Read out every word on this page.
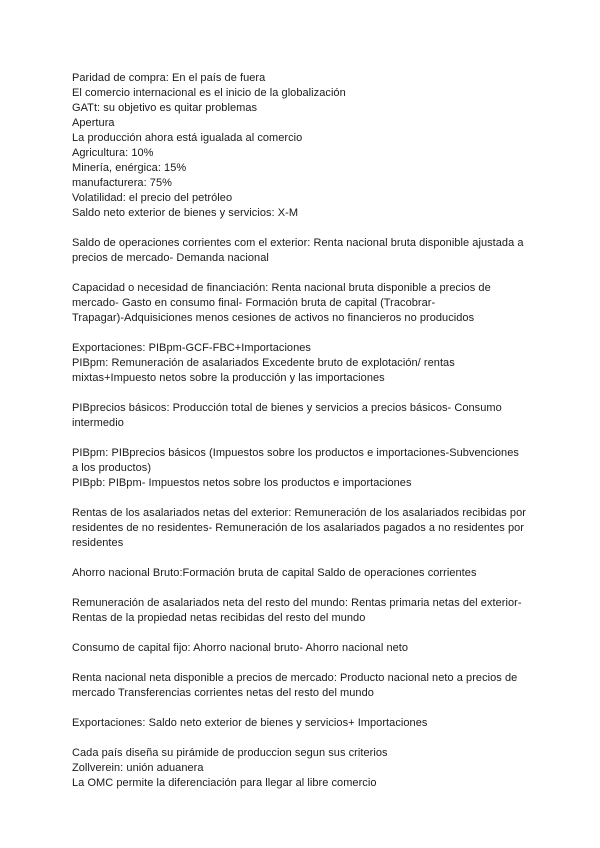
Paridad de compra: En el país de fuera
El comercio internacional es el inicio de la globalización
GATt: su objetivo es quitar problemas
Apertura
La producción ahora está igualada al comercio
Agricultura: 10%
Minería, enérgica: 15%
manufacturera: 75%
Volatilidad: el precio del petróleo
Saldo neto exterior de bienes y servicios: X-M
Saldo de operaciones corrientes com el exterior: Renta nacional bruta disponible ajustada a
precios de mercado- Demanda nacional
Capacidad o necesidad de financiación: Renta nacional bruta disponible a precios de
mercado- Gasto en consumo final- Formación bruta de capital (Tracobrar-
Trapagar)-Adquisiciones menos cesiones de activos no financieros no producidos
Exportaciones: PIBpm-GCF-FBC+Importaciones
PIBpm: Remuneración de asalariados Excedente bruto de explotación/ rentas
mixtas+Impuesto netos sobre la producción y las importaciones
PIBprecios básicos: Producción total de bienes y servicios a precios básicos- Consumo
intermedio
PIBpm: PIBprecios básicos (Impuestos sobre los productos e importaciones-Subvenciones
a los productos)
PIBpb: PIBpm- Impuestos netos sobre los productos e importaciones
Rentas de los asalariados netas del exterior: Remuneración de los asalariados recibidas por
residentes de no residentes- Remuneración de los asalariados pagados a no residentes por
residentes
Ahorro nacional Bruto:Formación bruta de capital Saldo de operaciones corrientes
Remuneración de asalariados neta del resto del mundo: Rentas primaria netas del exterior-
Rentas de la propiedad netas recibidas del resto del mundo
Consumo de capital fijo: Ahorro nacional bruto- Ahorro nacional neto
Renta nacional neta disponible a precios de mercado: Producto nacional neto a precios de
mercado Transferencias corrientes netas del resto del mundo
Exportaciones: Saldo neto exterior de bienes y servicios+ Importaciones
Cada país diseña su pirámide de produccion segun sus criterios
Zollverein: unión aduanera
La OMC permite la diferenciación para llegar al libre comercio
